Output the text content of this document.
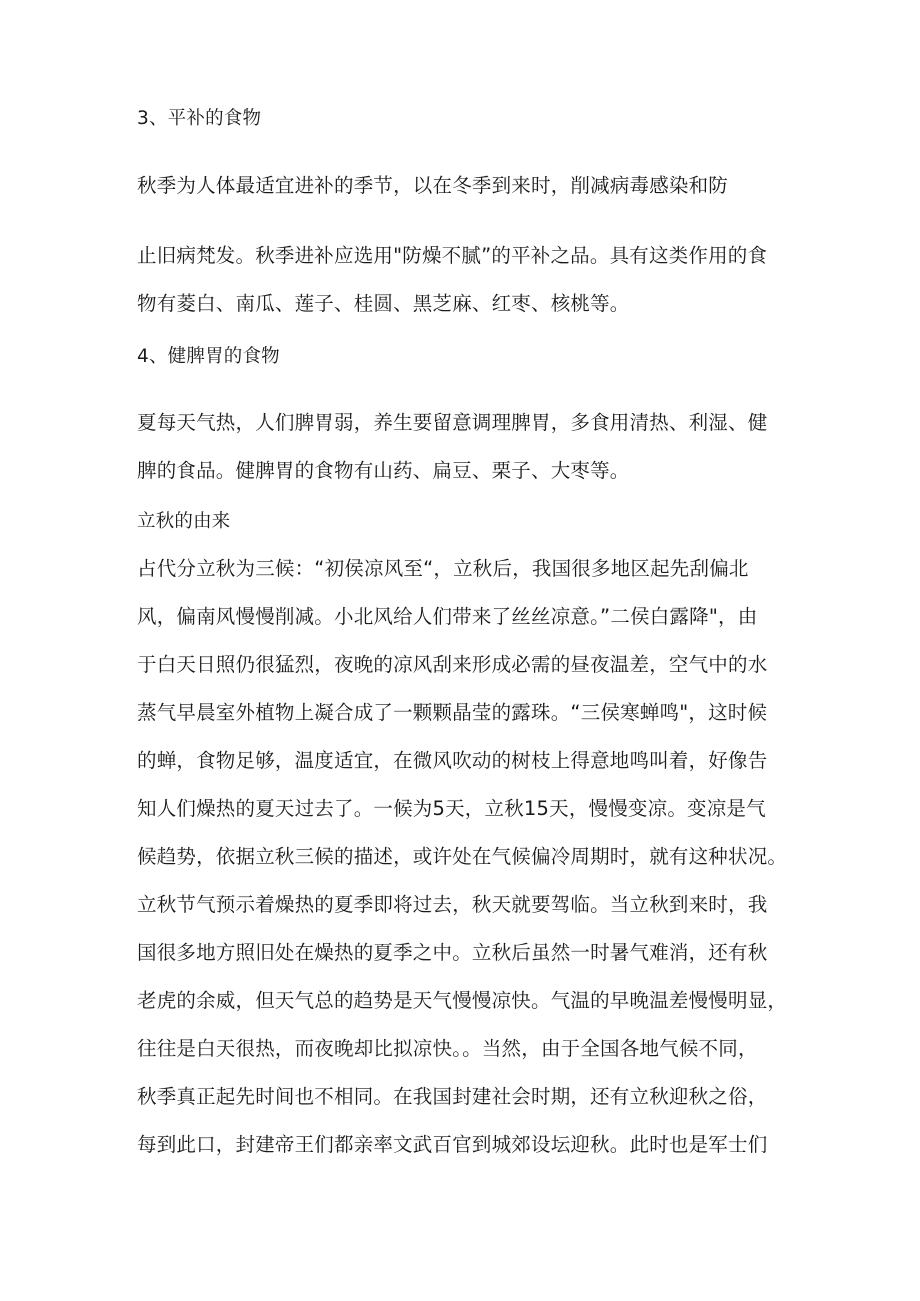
3、平补的食物
秋季为人体最适宜进补的季节，以在冬季到来时，削减病毒感染和防
止旧病梵发。秋季进补应选用"防燥不腻”的平补之品。具有这类作用的食
物有菱白、南瓜、莲子、桂圆、黑芝麻、红枣、核桃等。
4、健脾胃的食物
夏每天气热，人们脾胃弱，养生要留意调理脾胃，多食用清热、利湿、健
脾的食品。健脾胃的食物有山药、扁豆、栗子、大枣等。
立秋的由来
占代分立秋为三候：“初侯凉风至“，立秋后，我国很多地区起先刮偏北
风，偏南风慢慢削减。小北风给人们带来了丝丝凉意。”二侯白露降"，由
于白天日照仍很猛烈，夜晚的凉风刮来形成必需的昼夜温差，空气中的水
蒸气早晨室外植物上凝合成了一颗颗晶莹的露珠。“三侯寒蝉鸣"，这时候
的蝉，食物足够，温度适宜，在微风吹动的树枝上得意地鸣叫着，好像告
知人们燥热的夏天过去了。一候为5天，立秋15天，慢慢变凉。变凉是气
候趋势，依据立秋三候的描述，或许处在气候偏冷周期时，就有这种状况。
立秋节气预示着燥热的夏季即将过去，秋天就要驾临。当立秋到来时，我
国很多地方照旧处在燥热的夏季之中。立秋后虽然一时暑气难消，还有秋
老虎的余威，但天气总的趋势是天气慢慢凉快。气温的早晚温差慢慢明显，
往往是白天很热，而夜晚却比拟凉快。。当然，由于全国各地气候不同，
秋季真正起先时间也不相同。在我国封建社会时期，还有立秋迎秋之俗，
每到此口，封建帝王们都亲率文武百官到城郊设坛迎秋。此时也是军士们
